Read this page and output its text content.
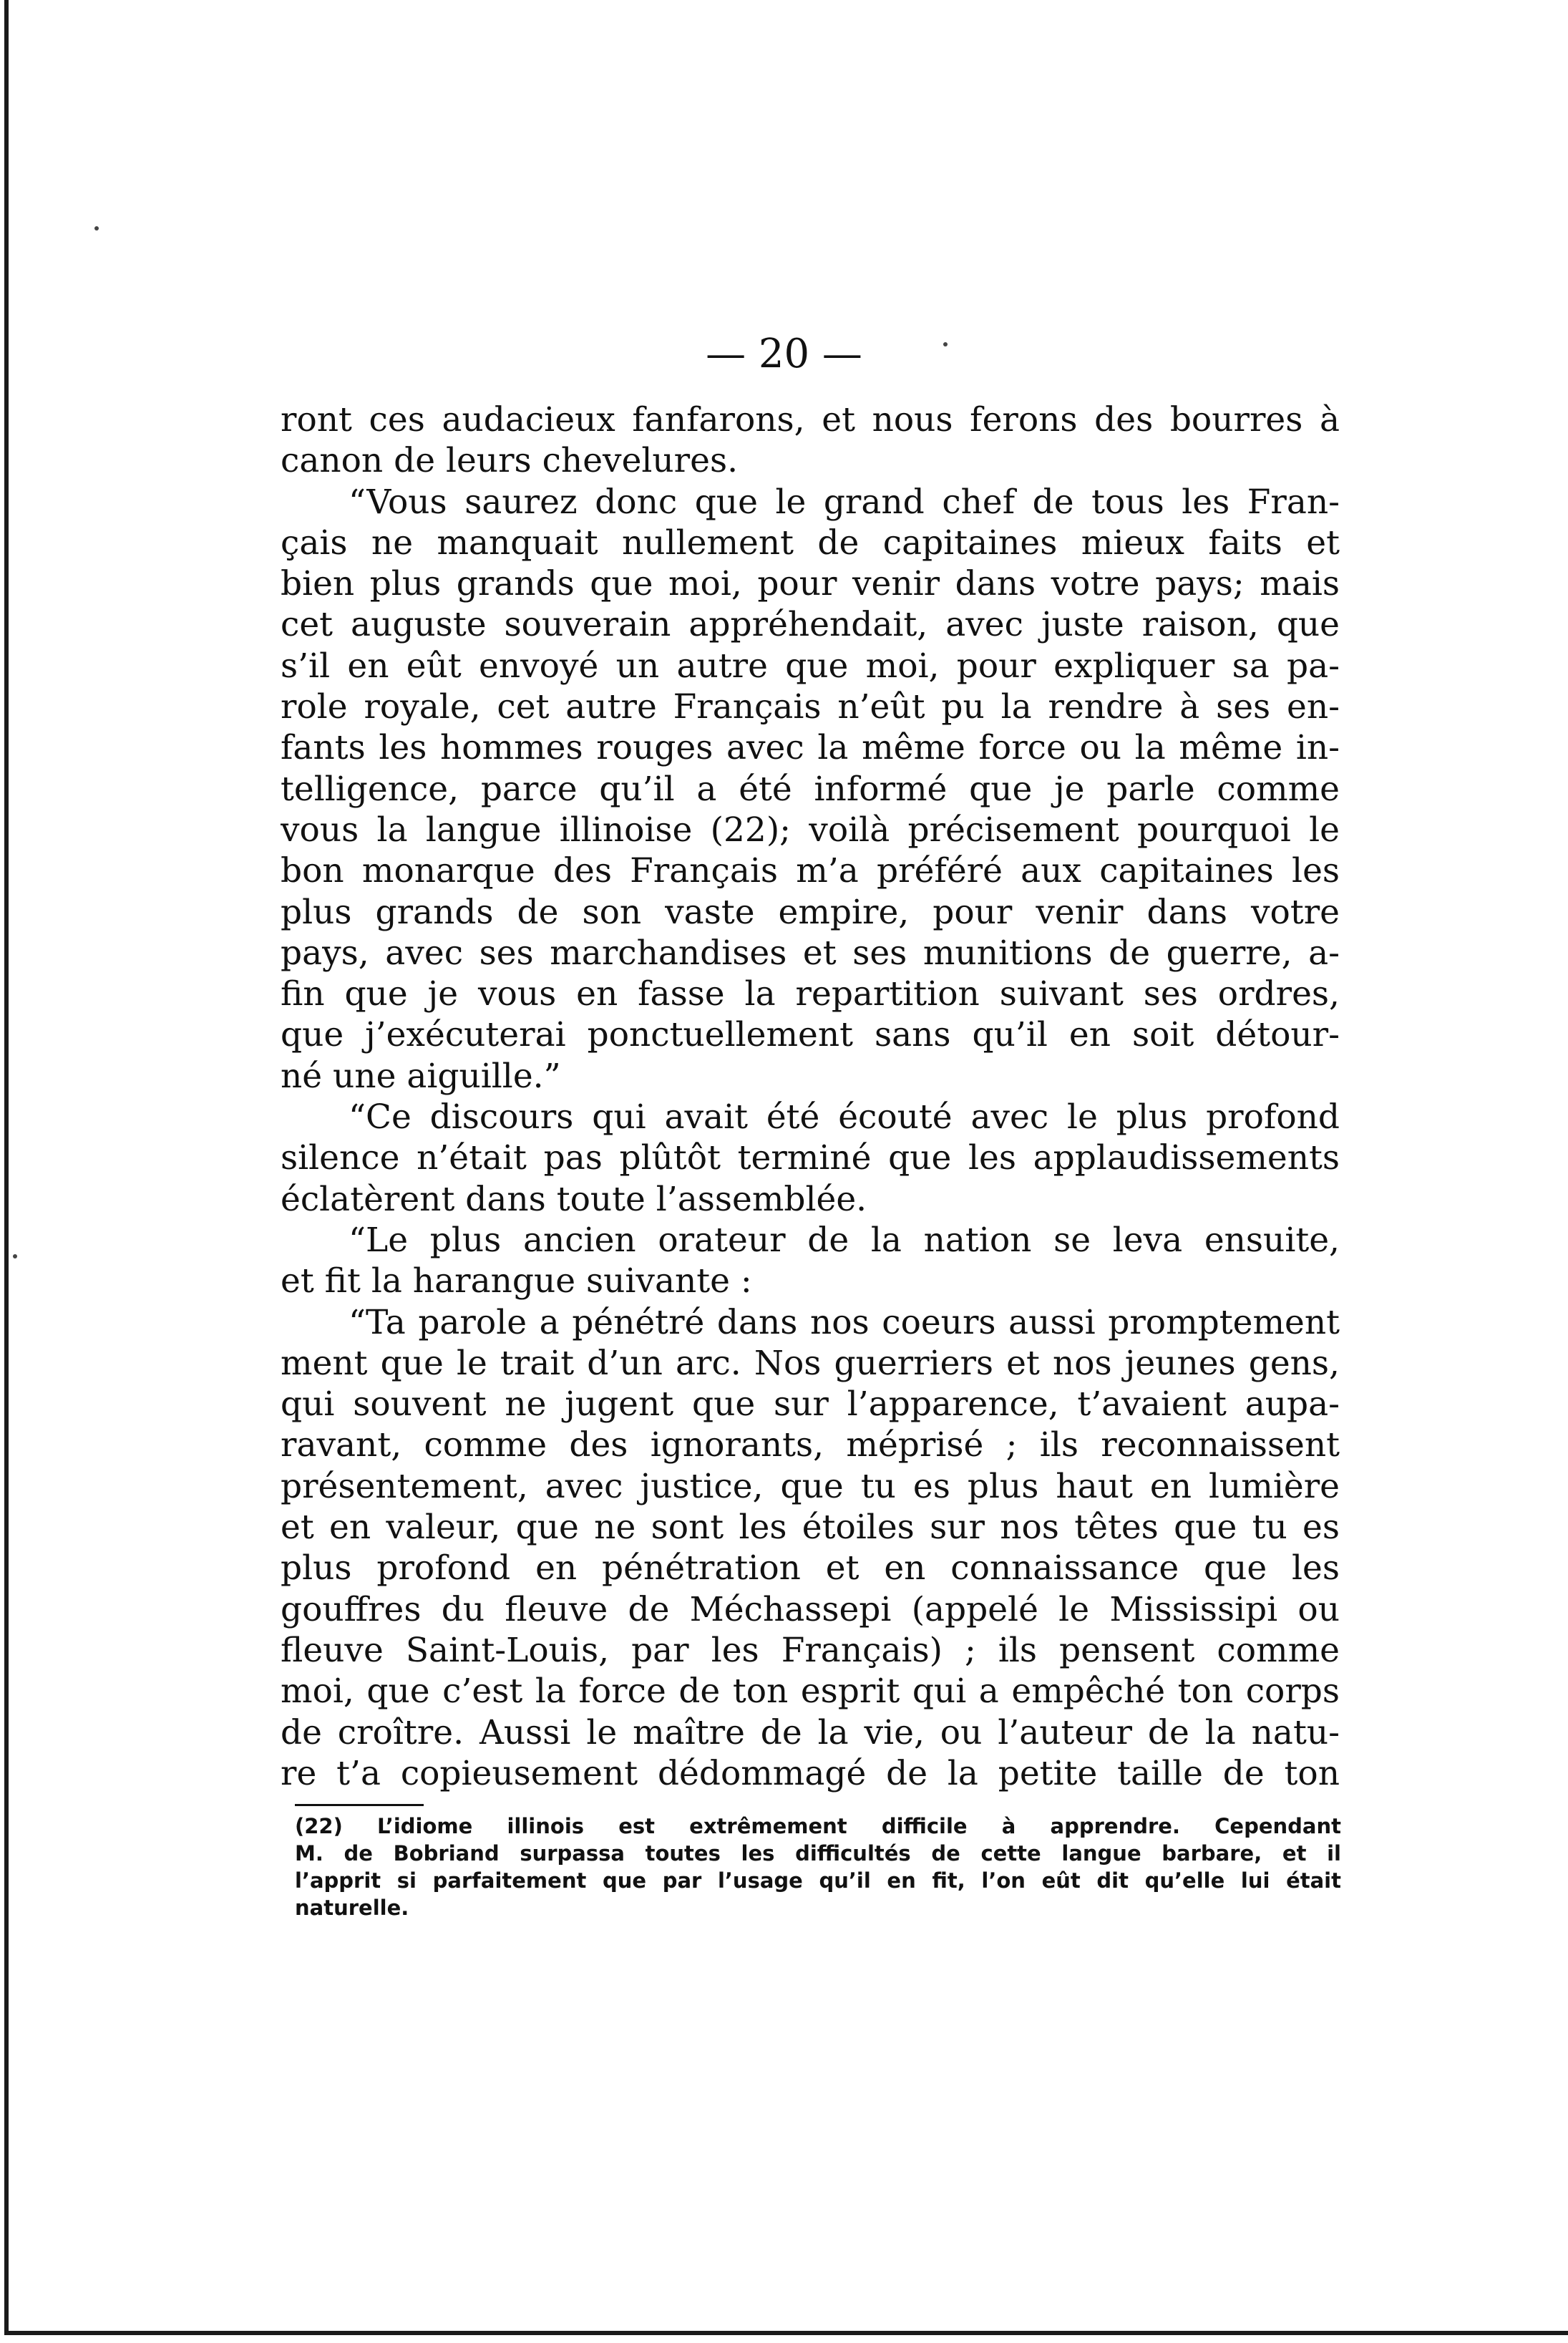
— 20 —
ront ces audacieux fanfarons, et nous ferons des bourres à
canon de leurs chevelures.
“Vous saurez donc que le grand chef de tous les Fran-
çais ne manquait nullement de capitaines mieux faits et
bien plus grands que moi, pour venir dans votre pays; mais
cet auguste souverain appréhendait, avec juste raison, que
s’il en eût envoyé un autre que moi, pour expliquer sa pa-
role royale, cet autre Français n’eût pu la rendre à ses en-
fants les hommes rouges avec la même force ou la même in-
telligence, parce qu’il a été informé que je parle comme
vous la langue illinoise (22); voilà précisement pourquoi le
bon monarque des Français m’a préféré aux capitaines les
plus grands de son vaste empire, pour venir dans votre
pays, avec ses marchandises et ses munitions de guerre, a-
fin que je vous en fasse la repartition suivant ses ordres,
que j’exécuterai ponctuellement sans qu’il en soit détour-
né une aiguille.”
“Ce discours qui avait été écouté avec le plus profond
silence n’était pas plûtôt terminé que les applaudissements
éclatèrent dans toute l’assemblée.
“Le plus ancien orateur de la nation se leva ensuite,
et fit la harangue suivante :
“Ta parole a pénétré dans nos coeurs aussi promptement
ment que le trait d’un arc. Nos guerriers et nos jeunes gens,
qui souvent ne jugent que sur l’apparence, t’avaient aupa-
ravant, comme des ignorants, méprisé ; ils reconnaissent
présentement, avec justice, que tu es plus haut en lumière
et en valeur, que ne sont les étoiles sur nos têtes que tu es
plus profond en pénétration et en connaissance que les
gouffres du fleuve de Méchassepi (appelé le Mississipi ou
fleuve Saint-Louis, par les Français) ; ils pensent comme
moi, que c’est la force de ton esprit qui a empêché ton corps
de croître. Aussi le maître de la vie, ou l’auteur de la natu-
re t’a copieusement dédommagé de la petite taille de ton
(22) L’idiome illinois est extrêmement difficile à apprendre. Cependant
M. de Bobriand surpassa toutes les difficultés de cette langue barbare, et il
l’apprit si parfaitement que par l’usage qu’il en fit, l’on eût dit qu’elle lui était
naturelle.
